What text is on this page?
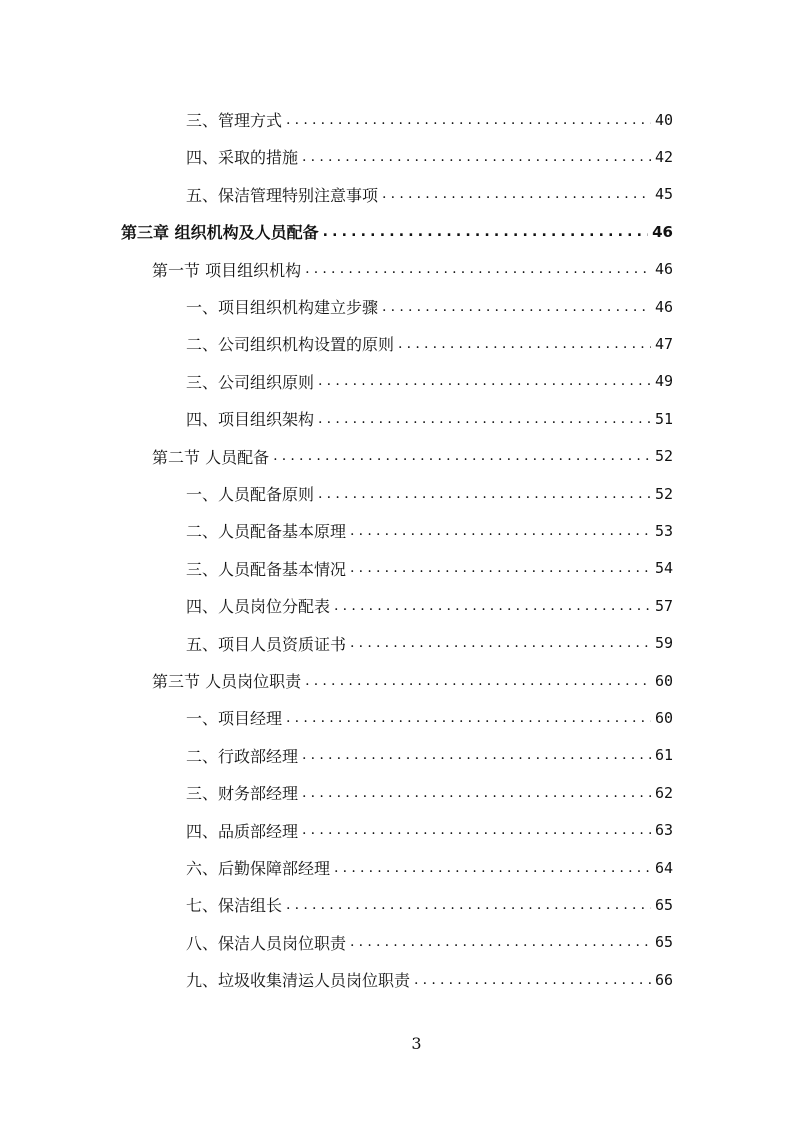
三、管理方式 .....	40
四、采取的措施 .....	42
五、保洁管理特别注意事项 .....	45
第三章 组织机构及人员配备 .....	46
第一节 项目组织机构 .....	46
一、项目组织机构建立步骤 .....	46
二、公司组织机构设置的原则 .....	47
三、公司组织原则 .....	49
四、项目组织架构 .....	51
第二节 人员配备 .....	52
一、人员配备原则 .....	52
二、人员配备基本原理 .....	53
三、人员配备基本情况 .....	54
四、人员岗位分配表 .....	57
五、项目人员资质证书 .....	59
第三节 人员岗位职责 .....	60
一、项目经理 .....	60
二、行政部经理 .....	61
三、财务部经理 .....	62
四、品质部经理 .....	63
六、后勤保障部经理 .....	64
七、保洁组长 .....	65
八、保洁人员岗位职责 .....	65
九、垃圾收集清运人员岗位职责 .....	66
3
